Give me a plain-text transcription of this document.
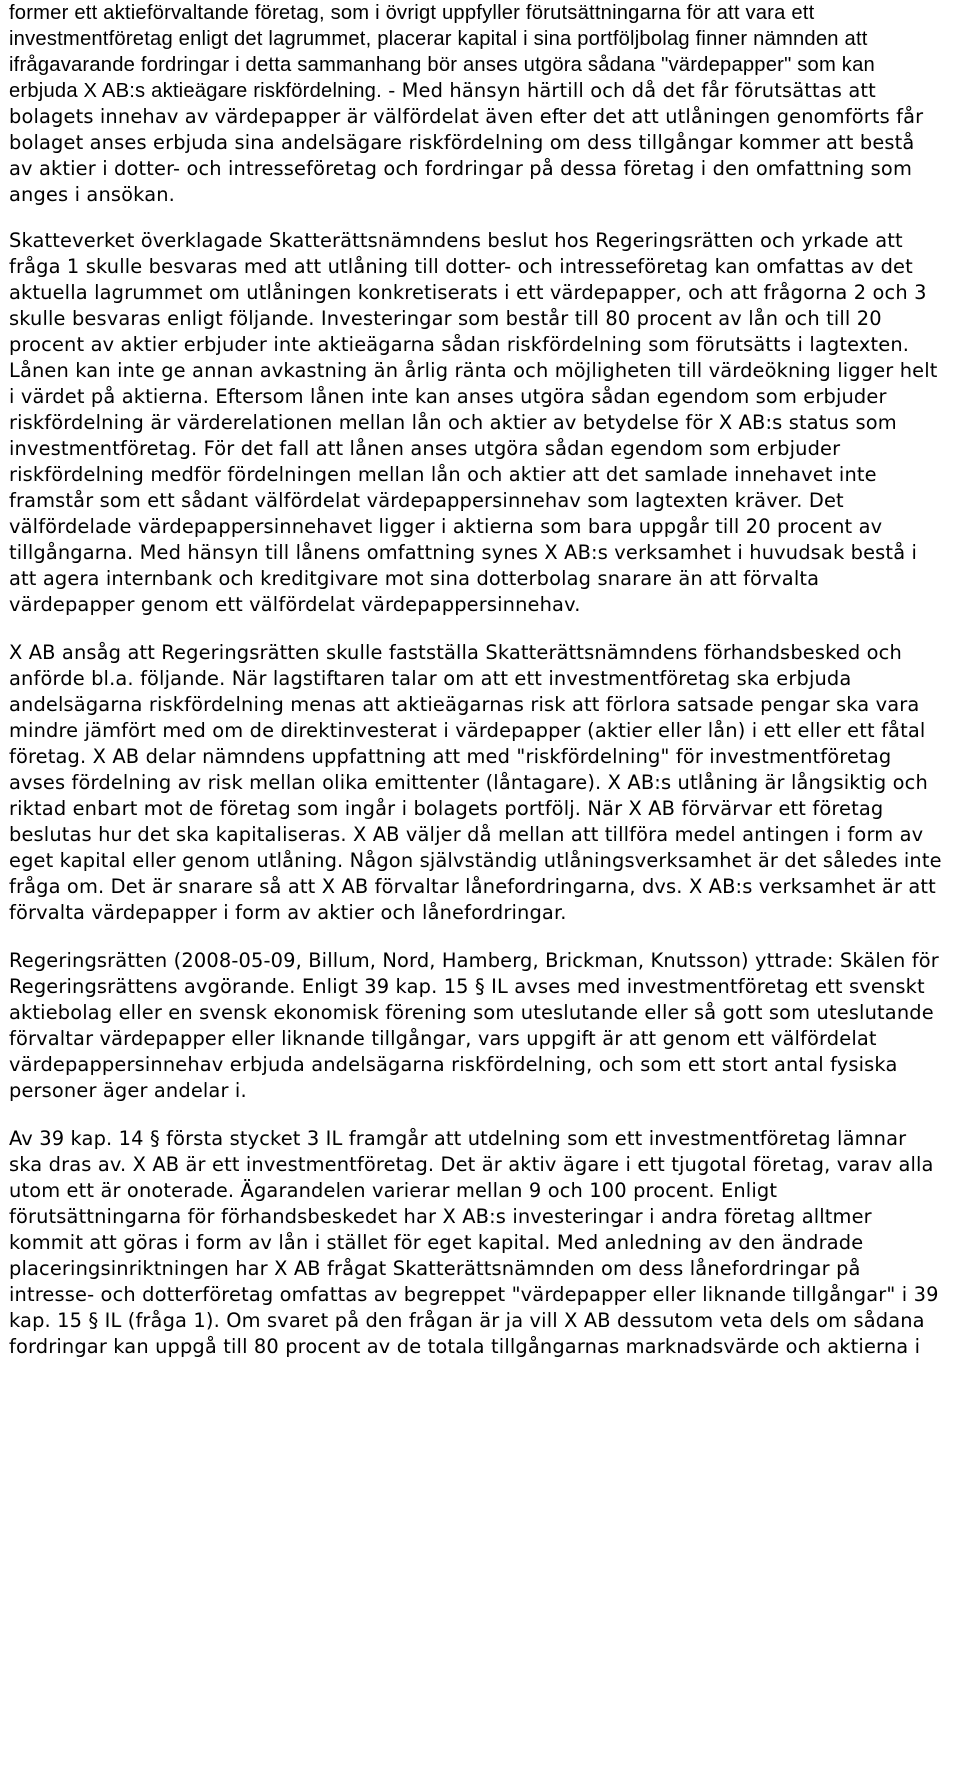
former ett aktieförvaltande företag, som i övrigt uppfyller förutsättningarna för att vara ett investmentföretag enligt det lagrummet, placerar kapital i sina portföljbolag finner nämnden att ifrågavarande fordringar i detta sammanhang bör anses utgöra sådana "värdepapper" som kan erbjuda X AB:s aktieägare riskfördelning. - Med hänsyn härtill och då det får förutsättas att bolagets innehav av värdepapper är välfördelat även efter det att utlåningen genomförts får bolaget anses erbjuda sina andelsägare riskfördelning om dess tillgångar kommer att bestå av aktier i dotter- och intresseföretag och fordringar på dessa företag i den omfattning som anges i ansökan.

Skatteverket överklagade Skatterättsnämndens beslut hos Regeringsrätten och yrkade att fråga 1 skulle besvaras med att utlåning till dotter- och intresseföretag kan omfattas av det aktuella lagrummet om utlåningen konkretiserats i ett värdepapper, och att frågorna 2 och 3 skulle besvaras enligt följande. Investeringar som består till 80 procent av lån och till 20 procent av aktier erbjuder inte aktieägarna sådan riskfördelning som förutsätts i lagtexten. Lånen kan inte ge annan avkastning än årlig ränta och möjligheten till värdeökning ligger helt i värdet på aktierna. Eftersom lånen inte kan anses utgöra sådan egendom som erbjuder riskfördelning är värderelationen mellan lån och aktier av betydelse för X AB:s status som investmentföretag. För det fall att lånen anses utgöra sådan egendom som erbjuder riskfördelning medför fördelningen mellan lån och aktier att det samlade innehavet inte framstår som ett sådant välfördelat värdepappersinnehav som lagtexten kräver. Det välfördelade värdepappersinnehavet ligger i aktierna som bara uppgår till 20 procent av tillgångarna. Med hänsyn till lånens omfattning synes X AB:s verksamhet i huvudsak bestå i att agera internbank och kreditgivare mot sina dotterbolag snarare än att förvalta värdepapper genom ett välfördelat värdepappersinnehav.

X AB ansåg att Regeringsrätten skulle fastställa Skatterättsnämndens förhandsbesked och anförde bl.a. följande. När lagstiftaren talar om att ett investmentföretag ska erbjuda andelsägarna riskfördelning menas att aktieägarnas risk att förlora satsade pengar ska vara mindre jämfört med om de direktinvesterat i värdepapper (aktier eller lån) i ett eller ett fåtal företag. X AB delar nämndens uppfattning att med "riskfördelning" för investmentföretag avses fördelning av risk mellan olika emittenter (låntagare). X AB:s utlåning är långsiktig och riktad enbart mot de företag som ingår i bolagets portfölj. När X AB förvärvar ett företag beslutas hur det ska kapitaliseras. X AB väljer då mellan att tillföra medel antingen i form av eget kapital eller genom utlåning. Någon självständig utlåningsverksamhet är det således inte fråga om. Det är snarare så att X AB förvaltar lånefordringarna, dvs. X AB:s verksamhet är att förvalta värdepapper i form av aktier och lånefordringar.

Regeringsrätten (2008-05-09, Billum, Nord, Hamberg, Brickman, Knutsson) yttrade: Skälen för Regeringsrättens avgörande. Enligt 39 kap. 15 § IL avses med investmentföretag ett svenskt aktiebolag eller en svensk ekonomisk förening som uteslutande eller så gott som uteslutande förvaltar värdepapper eller liknande tillgångar, vars uppgift är att genom ett välfördelat värdepappersinnehav erbjuda andelsägarna riskfördelning, och som ett stort antal fysiska personer äger andelar i.

Av 39 kap. 14 § första stycket 3 IL framgår att utdelning som ett investmentföretag lämnar ska dras av. X AB är ett investmentföretag. Det är aktiv ägare i ett tjugotal företag, varav alla utom ett är onoterade. Ägarandelen varierar mellan 9 och 100 procent. Enligt förutsättningarna för förhandsbeskedet har X AB:s investeringar i andra företag alltmer kommit att göras i form av lån i stället för eget kapital. Med anledning av den ändrade placeringsinriktningen har X AB frågat Skatterättsnämnden om dess lånefordringar på intresse- och dotterföretag omfattas av begreppet "värdepapper eller liknande tillgångar" i 39 kap. 15 § IL (fråga 1). Om svaret på den frågan är ja vill X AB dessutom veta dels om sådana fordringar kan uppgå till 80 procent av de totala tillgångarnas marknadsvärde och aktierna i
